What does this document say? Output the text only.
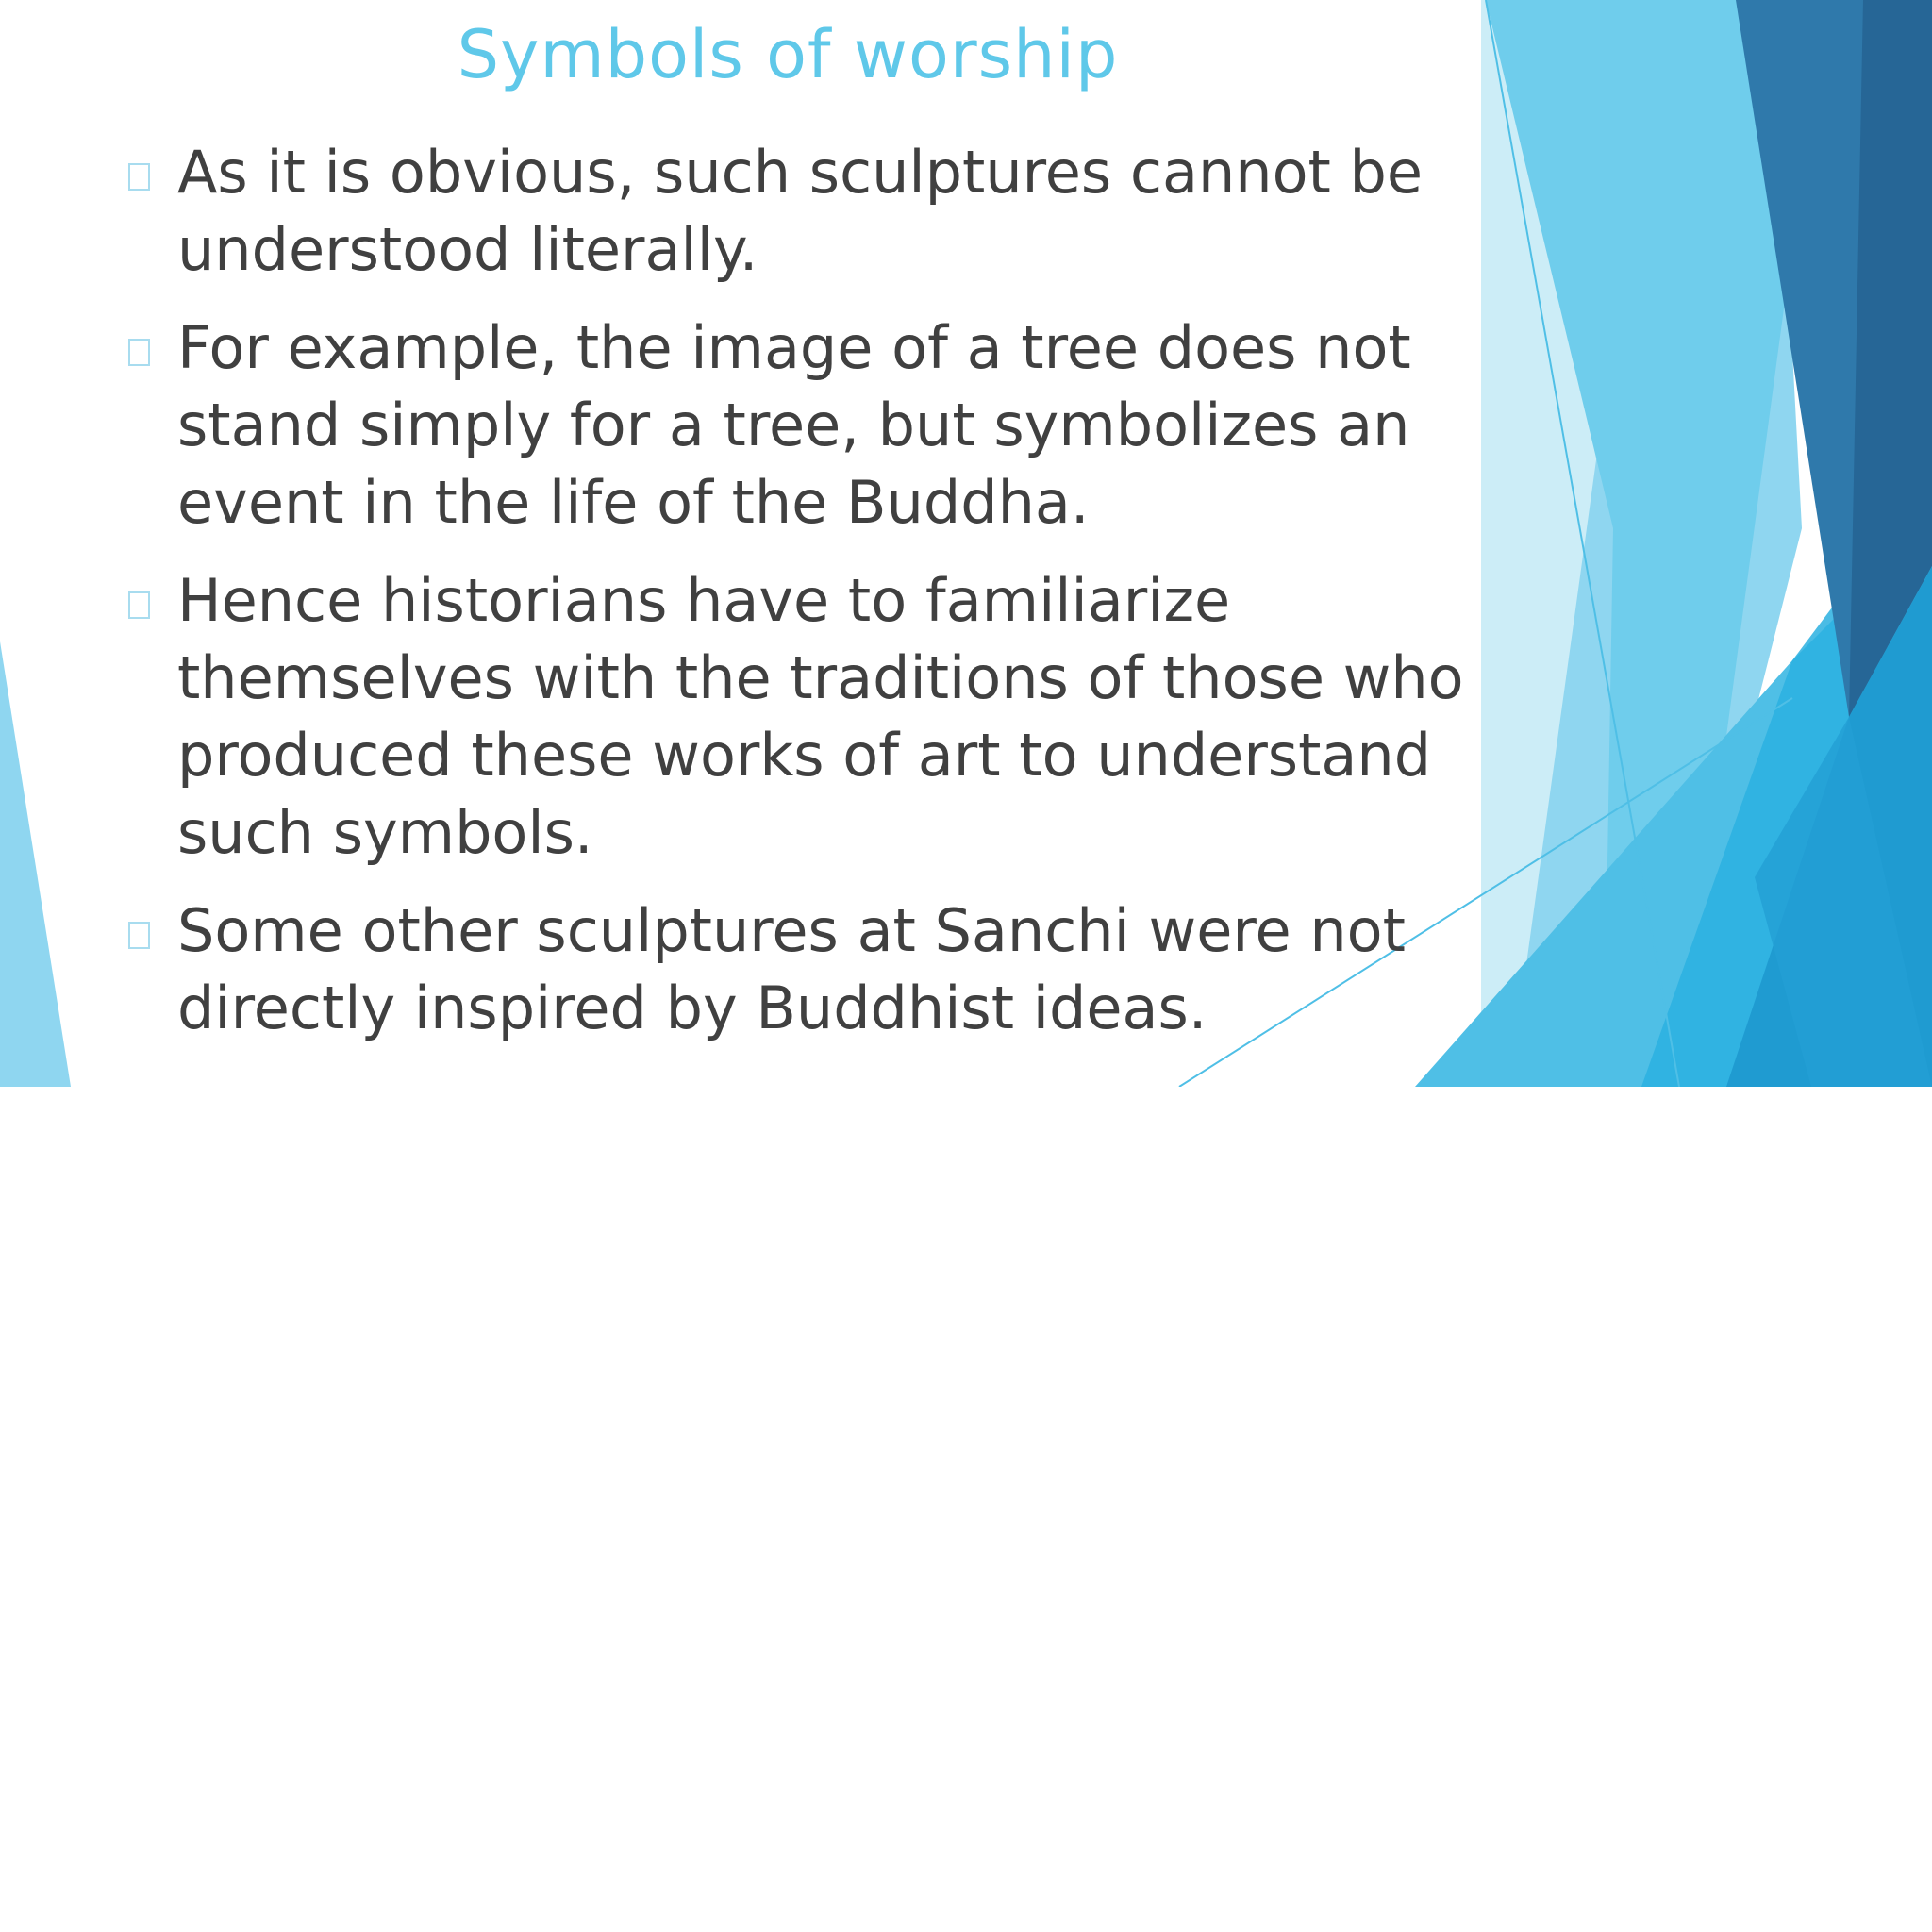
Symbols of worship
As it is obvious, such sculptures cannot be understood literally.
For example, the image of a tree does not stand simply for a tree, but symbolizes an event in the life of the Buddha.
Hence historians have to familiarize themselves with the traditions of those who produced these works of art to understand such symbols.
Some other sculptures at Sanchi were not directly inspired by Buddhist ideas.
